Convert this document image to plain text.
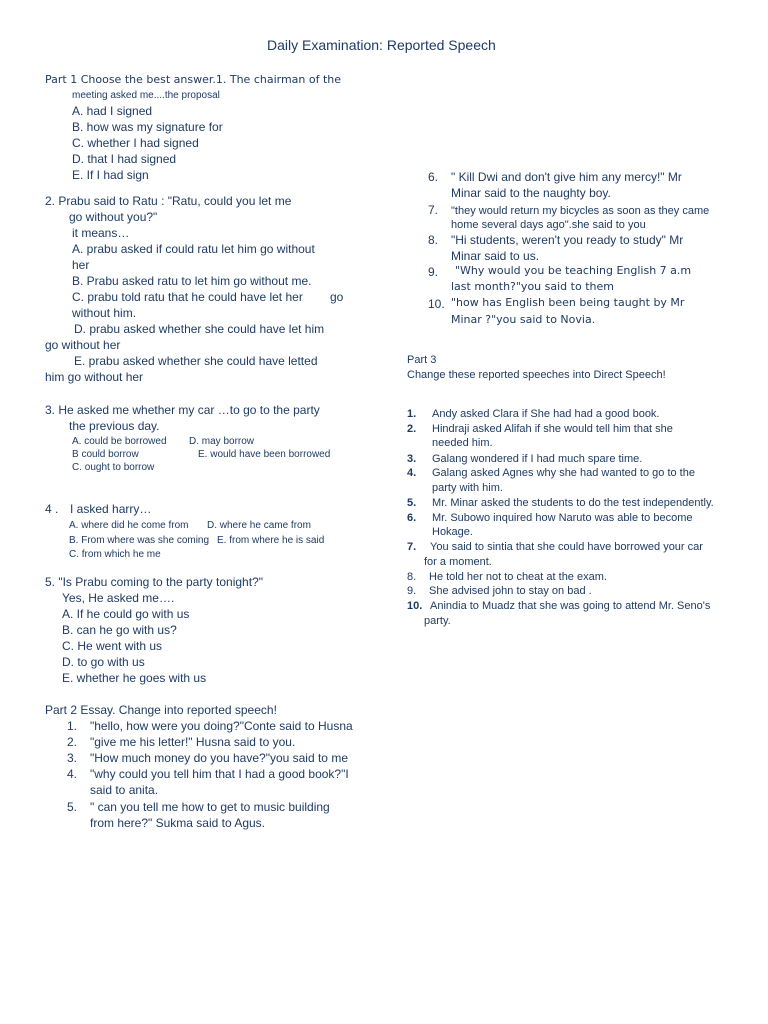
Daily Examination: Reported Speech
Part 1 Choose the best answer.1. The chairman of the
meeting asked me....the proposal
A. had I signed
B. how was my signature for
C. whether I had signed
D. that I had signed
E. If I had sign
2. Prabu said to Ratu : "Ratu, could you let me
go without you?"
it means…
A. prabu asked if could ratu let him go without
her
B. Prabu asked ratu to let him go without me.
C. prabu told ratu that he could have let her go
without him.
D. prabu asked whether she could have let him
go without her
E. prabu asked whether she could have letted
him go without her
3. He asked me whether my car …to go to the party
the previous day.
A. could be borrowed D. may borrow
B could borrow	E. would have been borrowed
C. ought to borrow
4 . I asked harry…
A. where did he come from D. where he came from
B. From where was she coming E. from where he is said
C. from which he me
5. "Is Prabu coming to the party tonight?"
Yes, He asked me….
A. If he could go with us
B. can he go with us?
C. He went with us
D. to go with us
E. whether he goes with us
Part 2 Essay. Change into reported speech!
1. "hello, how were you doing?"Conte said to Husna
2. "give me his letter!" Husna said to you.
3. "How much money do you have?"you said to me
4. "why could you tell him that I had a good book?"I
said to anita.
5. " can you tell me how to get to music building
from here?" Sukma said to Agus.
6. " Kill Dwi and don't give him any mercy!" Mr
Minar said to the naughty boy.
7. "they would return my bicycles as soon as they came
home several days ago".she said to you
8. "Hi students, weren't you ready to study" Mr
Minar said to us.
9. "Why would you be teaching English 7 a.m
last month?"you said to them
10. "how has English been being taught by Mr
Minar ?"you said to Novia.
Part 3
Change these reported speeches into Direct Speech!
1. Andy asked Clara if She had had a good book.
2. Hindraji asked Alifah if she would tell him that she
needed him.
3. Galang wondered if I had much spare time.
4. Galang asked Agnes why she had wanted to go to the
party with him.
5. Mr. Minar asked the students to do the test independently.
6. Mr. Subowo inquired how Naruto was able to become
Hokage.
7. You said to sintia that she could have borrowed your car
for a moment.
8. He told her not to cheat at the exam.
9. She advised john to stay on bad .
10. Anindia to Muadz that she was going to attend Mr. Seno's
party.
